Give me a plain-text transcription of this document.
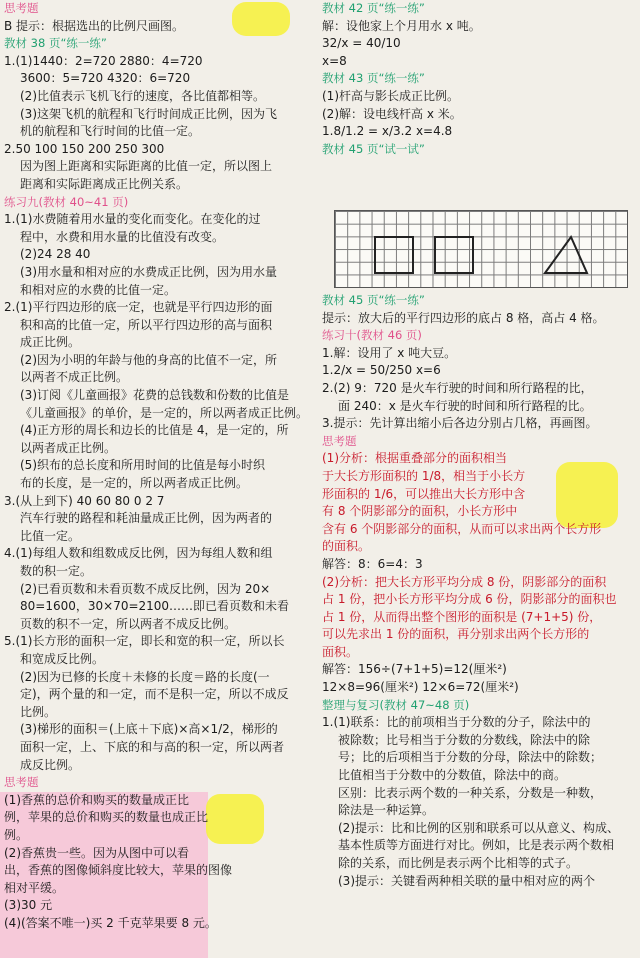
思考题
B 提示：根据选出的比例尺画图。
教材 38 页“练一练”
1.(1)1440：2=720 2880：4=720
3600：5=720 4320：6=720
(2)比值表示飞机飞行的速度，各比值都相等。
(3)这架飞机的航程和飞行时间成正比例，因为飞
机的航程和飞行时间的比值一定。
2.50 100 150 200 250 300
因为图上距离和实际距离的比值一定，所以图上
距离和实际距离成正比例关系。
练习九(教材 40~41 页)
1.(1)水费随着用水量的变化而变化。在变化的过
程中，水费和用水量的比值没有改变。
(2)24 28 40
(3)用水量和相对应的水费成正比例，因为用水量
和相对应的水费的比值一定。
2.(1)平行四边形的底一定，也就是平行四边形的面
积和高的比值一定，所以平行四边形的高与面积
成正比例。
(2)因为小明的年龄与他的身高的比值不一定，所
以两者不成正比例。
(3)订阅《儿童画报》花费的总钱数和份数的比值是
《儿童画报》的单价，是一定的，所以两者成正比例。
(4)正方形的周长和边长的比值是 4，是一定的，所
以两者成正比例。
(5)织布的总长度和所用时间的比值是每小时织
布的长度，是一定的，所以两者成正比例。
3.(从上到下) 40 60 80 0 2 7
汽车行驶的路程和耗油量成正比例，因为两者的
比值一定。
4.(1)每组人数和组数成反比例，因为每组人数和组
数的积一定。
(2)已看页数和未看页数不成反比例，因为 20×
80=1600，30×70=2100……即已看页数和未看
页数的积不一定，所以两者不成反比例。
5.(1)长方形的面积一定，即长和宽的积一定，所以长
和宽成反比例。
(2)因为已修的长度＋未修的长度＝路的长度(一
定)，两个量的和一定，而不是积一定，所以不成反
比例。
(3)梯形的面积＝(上底＋下底)×高×1/2，梯形的
面积一定，上、下底的和与高的积一定，所以两者
成反比例。
思考题
(1)香蕉的总价和购买的数量成正比
例，苹果的总价和购买的数量也成正比
例。
(2)香蕉贵一些。因为从图中可以看
出，香蕉的图像倾斜度比较大，苹果的图像
相对平缓。
(3)30 元
(4)(答案不唯一)买 2 千克苹果要 8 元。
教材 42 页“练一练”
解：设他家上个月用水 x 吨。
32/x = 40/10
x=8
教材 43 页“练一练”
(1)杆高与影长成正比例。
(2)解：设电线杆高 x 米。
1.8/1.2 = x/3.2 x=4.8
教材 45 页“试一试”
教材 45 页“练一练”
提示：放大后的平行四边形的底占 8 格，高占 4 格。
练习十(教材 46 页)
1.解：设用了 x 吨大豆。
1.2/x = 50/250 x=6
2.(2) 9：720 是火车行驶的时间和所行路程的比，
面 240：x 是火车行驶的时间和所行路程的比。
3.提示：先计算出缩小后各边分别占几格，再画图。
思考题
(1)分析：根据重叠部分的面积相当
于大长方形面积的 1/8，相当于小长方
形面积的 1/6，可以推出大长方形中含
有 8 个阴影部分的面积，小长方形中
含有 6 个阴影部分的面积，从而可以求出两个长方形
的面积。
解答：8：6=4：3
(2)分析：把大长方形平均分成 8 份，阴影部分的面积
占 1 份，把小长方形平均分成 6 份，阴影部分的面积也
占 1 份，从而得出整个图形的面积是 (7+1+5) 份，
可以先求出 1 份的面积，再分别求出两个长方形的
面积。
解答：156÷(7+1+5)=12(厘米²)
12×8=96(厘米²) 12×6=72(厘米²)
整理与复习(教材 47~48 页)
1.(1)联系：比的前项相当于分数的分子，除法中的
被除数；比号相当于分数的分数线，除法中的除
号；比的后项相当于分数的分母，除法中的除数；
比值相当于分数中的分数值，除法中的商。
区别：比表示两个数的一种关系，分数是一种数，
除法是一种运算。
(2)提示：比和比例的区别和联系可以从意义、构成、
基本性质等方面进行对比。例如，比是表示两个数相
除的关系，而比例是表示两个比相等的式子。
(3)提示：关键看两种相关联的量中相对应的两个
